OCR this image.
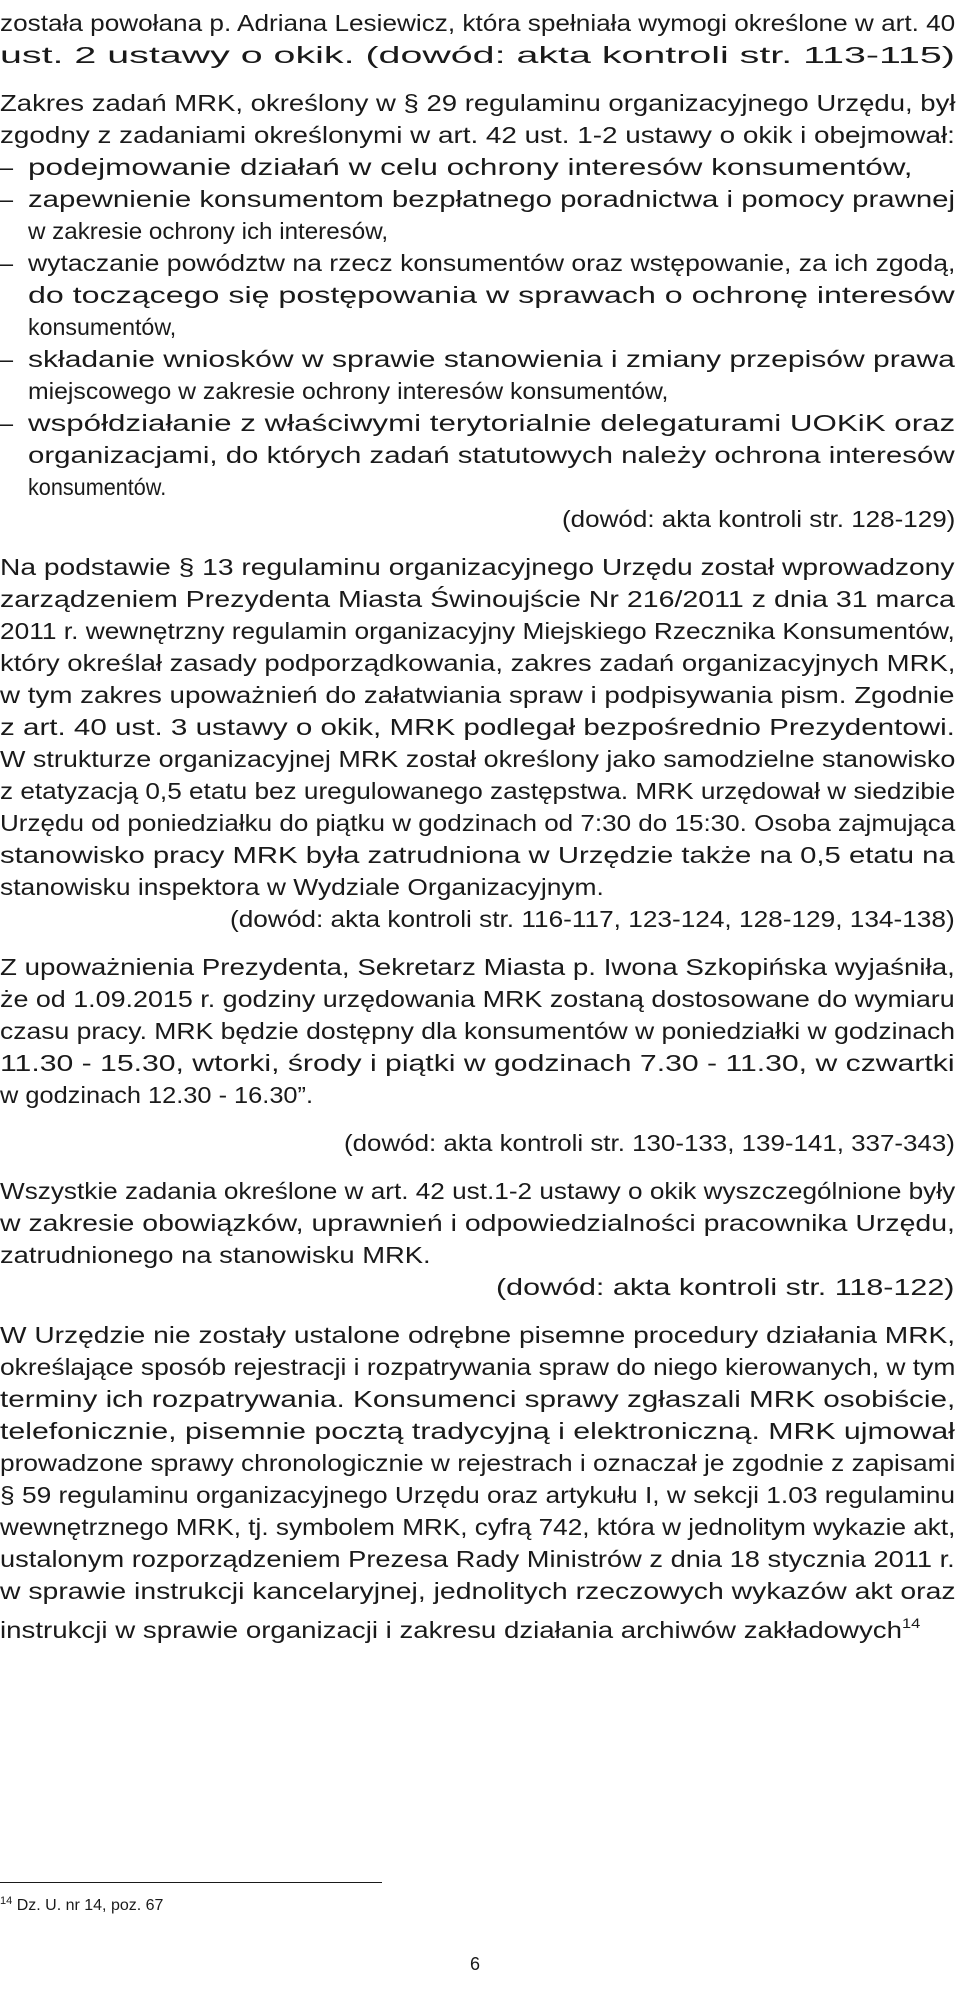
została powołana p. Adriana Lesiewicz, która spełniała wymogi określone w art. 40
ust. 2 ustawy o okik. (dowód: akta kontroli str. 113-115)
Zakres zadań MRK, określony w § 29 regulaminu organizacyjnego Urzędu, był
zgodny z zadaniami określonymi w art. 42 ust. 1-2 ustawy o okik i obejmował:
– podejmowanie działań w celu ochrony interesów konsumentów,
– zapewnienie konsumentom bezpłatnego poradnictwa i pomocy prawnej
w zakresie ochrony ich interesów,
– wytaczanie powództw na rzecz konsumentów oraz wstępowanie, za ich zgodą,
do toczącego się postępowania w sprawach o ochronę interesów
konsumentów,
– składanie wniosków w sprawie stanowienia i zmiany przepisów prawa
miejscowego w zakresie ochrony interesów konsumentów,
– współdziałanie z właściwymi terytorialnie delegaturami UOKiK oraz
organizacjami, do których zadań statutowych należy ochrona interesów
konsumentów.
(dowód: akta kontroli str. 128-129)
Na podstawie § 13 regulaminu organizacyjnego Urzędu został wprowadzony
zarządzeniem Prezydenta Miasta Świnoujście Nr 216/2011 z dnia 31 marca
2011 r. wewnętrzny regulamin organizacyjny Miejskiego Rzecznika Konsumentów,
który określał zasady podporządkowania, zakres zadań organizacyjnych MRK,
w tym zakres upoważnień do załatwiania spraw i podpisywania pism. Zgodnie
z art. 40 ust. 3 ustawy o okik, MRK podlegał bezpośrednio Prezydentowi.
W strukturze organizacyjnej MRK został określony jako samodzielne stanowisko
z etatyzacją 0,5 etatu bez uregulowanego zastępstwa. MRK urzędował w siedzibie
Urzędu od poniedziałku do piątku w godzinach od 7:30 do 15:30. Osoba zajmująca
stanowisko pracy MRK była zatrudniona w Urzędzie także na 0,5 etatu na
stanowisku inspektora w Wydziale Organizacyjnym.
(dowód: akta kontroli str. 116-117, 123-124, 128-129, 134-138)
Z upoważnienia Prezydenta, Sekretarz Miasta p. Iwona Szkopińska wyjaśniła,
że od 1.09.2015 r. godziny urzędowania MRK zostaną dostosowane do wymiaru
czasu pracy. MRK będzie dostępny dla konsumentów w poniedziałki w godzinach
11.30 - 15.30, wtorki, środy i piątki w godzinach 7.30 - 11.30, w czwartki
w godzinach 12.30 - 16.30”.
(dowód: akta kontroli str. 130-133, 139-141, 337-343)
Wszystkie zadania określone w art. 42 ust.1-2 ustawy o okik wyszczególnione były
w zakresie obowiązków, uprawnień i odpowiedzialności pracownika Urzędu,
zatrudnionego na stanowisku MRK.
(dowód: akta kontroli str. 118-122)
W Urzędzie nie zostały ustalone odrębne pisemne procedury działania MRK,
określające sposób rejestracji i rozpatrywania spraw do niego kierowanych, w tym
terminy ich rozpatrywania. Konsumenci sprawy zgłaszali MRK osobiście,
telefonicznie, pisemnie pocztą tradycyjną i elektroniczną. MRK ujmował
prowadzone sprawy chronologicznie w rejestrach i oznaczał je zgodnie z zapisami
§ 59 regulaminu organizacyjnego Urzędu oraz artykułu I, w sekcji 1.03 regulaminu
wewnętrznego MRK, tj. symbolem MRK, cyfrą 742, która w jednolitym wykazie akt,
ustalonym rozporządzeniem Prezesa Rady Ministrów z dnia 18 stycznia 2011 r.
w sprawie instrukcji kancelaryjnej, jednolitych rzeczowych wykazów akt oraz
instrukcji w sprawie organizacji i zakresu działania archiwów zakładowych$^{14}$
$^{14}$ Dz. U. nr 14, poz. 67
6
